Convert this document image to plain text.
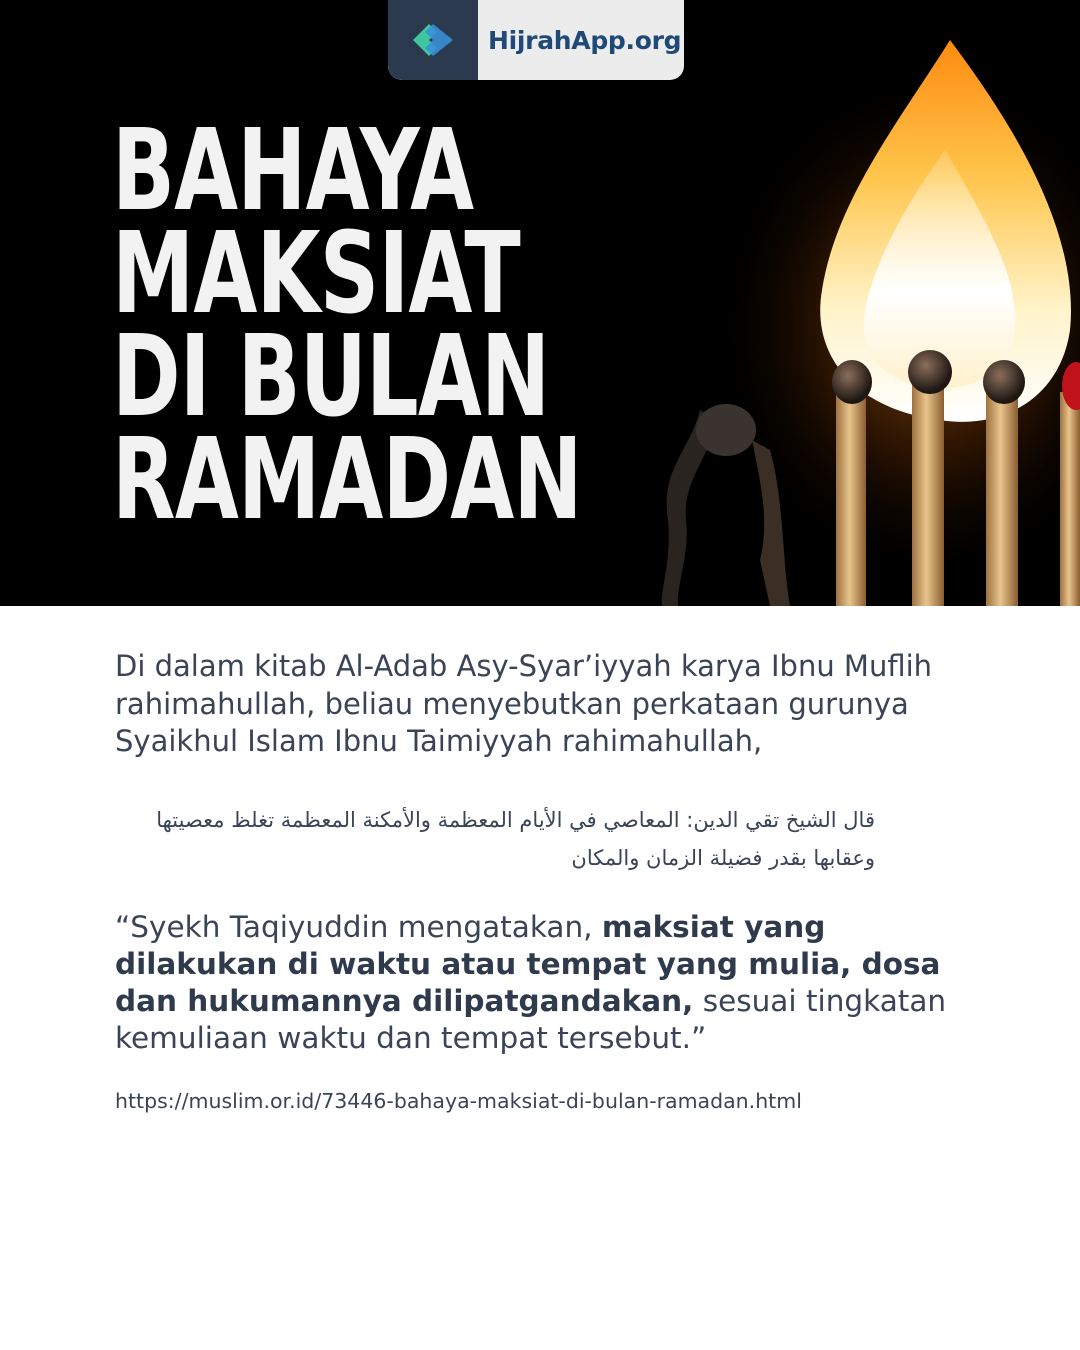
HijrahApp.org
BAHAYA
MAKSIAT
DI BULAN
RAMADAN

Di dalam kitab Al-Adab Asy-Syar’iyyah karya Ibnu Muflih rahimahullah, beliau menyebutkan perkataan gurunya Syaikhul Islam Ibnu Taimiyyah rahimahullah,

قال الشيخ تقي الدين: المعاصي في الأيام المعظمة والأمكنة المعظمة تغلظ معصيتها وعقابها بقدر فضيلة الزمان والمكان

“Syekh Taqiyuddin mengatakan, maksiat yang dilakukan di waktu atau tempat yang mulia, dosa dan hukumannya dilipatgandakan, sesuai tingkatan kemuliaan waktu dan tempat tersebut.”

https://muslim.or.id/73446-bahaya-maksiat-di-bulan-ramadan.html
